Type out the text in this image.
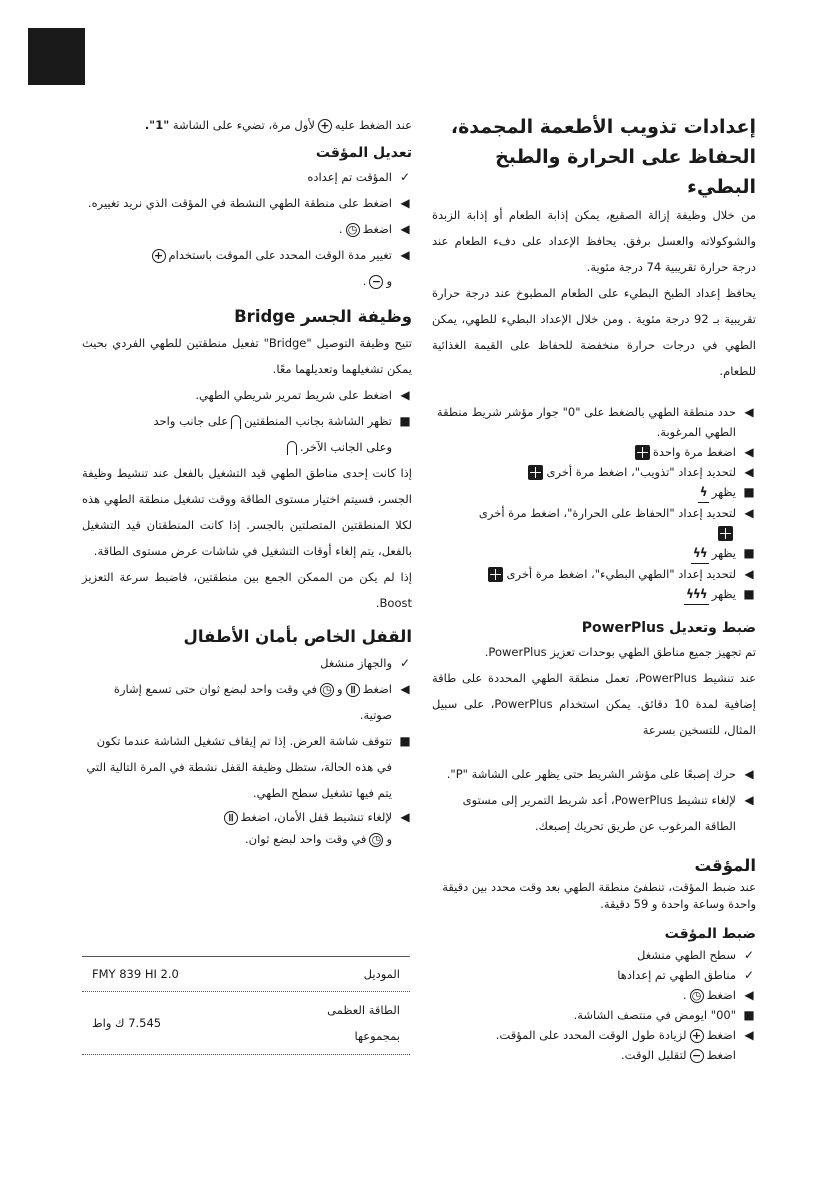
إعدادات تذويب الأطعمة المجمدة،
الحفاظ على الحرارة والطبخ البطيء

من خلال وظيفة إزالة الصقيع، يمكن إذابة الطعام أو إذابة الزبدة والشوكولاته والعسل برفق. يحافظ الإعداد على دفء الطعام عند درجة حرارة تقريبية 74 درجة مئوية.

يحافظ إعداد الطبخ البطيء على الطعام المطبوخ عند درجة حرارة تقريبية بـ 92 درجة مئوية . ومن خلال الإعداد البطيء للطهي، يمكن الطهي في درجات حرارة منخفضة للحفاظ على القيمة الغذائية للطعام.

◀
حدد منطقة الطهي بالضغط على "0" جوار مؤشر شريط منطقة الطهي المرغوبة.
◀
اضغط مرة واحدة
◀
لتحديد إعداد "تذويب"، اضغط مرة أخرى
■
يظهرϟ
◀
لتحديد إعداد "الحفاظ على الحرارة"، اضغط مرة أخرى

■
يظهرϟϟ
◀
لتحديد إعداد "الطهي البطيء"، اضغط مرة أخرى
■
يظهرϟϟϟ
ضبط وتعديل PowerPlus

تم تجهيز جميع مناطق الطهي بوحدات تعزيز PowerPlus.

عند تنشيط PowerPlus، تعمل منطقة الطهي المحددة على طاقة إضافية لمدة 10 دقائق. يمكن استخدام PowerPlus، على سبيل المثال، للتسخين بسرعة

◀
حرك إصبعًا على مؤشر الشريط حتى يظهر على الشاشة "P".
◀
لإلغاء تنشيط PowerPlus، أعد شريط التمرير إلى مستوى الطاقة المرغوب عن طريق تحريك إصبعك.
المؤقت

عند ضبط المؤقت، تنطفئ منطقة الطهي بعد وقت محدد بين دقيقة واحدة وساعة واحدة و 59 دقيقة.

ضبط المؤقت
✓
سطح الطهي منشغل
✓
مناطق الطهي تم إعدادها
◀
اضغط◷.
■
"00" ايومض في منتصف الشاشة.
◀
اضغط+لزيادة طول الوقت المحدد على المؤقت.
اضغط−لتقليل الوقت.

عند الضغط عليه+لأول مرة، تضيء على الشاشة "1".

تعديل المؤقت
✓
المؤقت تم إعداده
◀
اضغط على منطقة الطهي النشطة في المؤقت الذي نريد تغييره.
◀
اضغط◷.
◀
تغيير مدة الوقت المحدد على الموقت باستخدام+
و−.
وظيفة الجسر Bridge

تتيح وظيفة التوصيل "Bridge" تفعيل منطقتين للطهي الفردي بحيث يمكن تشغيلهما وتعديلهما معًا.

◀
اضغط على شريط تمرير شريطي الطهي.
■
تظهر الشاشة بجانب المنطقتينعلى جانب واحد
وعلى الجانب الآخر.

إذا كانت إحدى مناطق الطهي قيد التشغيل بالفعل عند تنشيط وظيفة الجسر، فسيتم اختيار مستوى الطاقة ووقت تشغيل منطقة الطهي هذه لكلا المنطقتين المتصلتين بالجسر. إذا كانت المنطقتان قيد التشغيل بالفعل، يتم إلغاء أوقات التشغيل في شاشات عرض مستوى الطاقة.

إذا لم يكن من الممكن الجمع بين منطقتين، فاضبط سرعة التعزيز Boost.

القفل الخاص بأمان الأطفال
✓
والجهاز منشغل
◀
اضغط॥و◷في وقت واحد لبضع ثوان حتى تسمع إشارة صوتية.
■
تتوقف شاشة العرض. إذا تم إيقاف تشغيل الشاشة عندما تكون في هذه الحالة، ستظل وظيفة القفل نشطة في المرة التالية التي يتم فيها تشغيل سطح الطهي.
◀
لإلغاء تنشيط قفل الأمان، اضغط॥
و◷في وقت واحد لبضع ثوان.
الموديل
FMY 839 HI 2.0
الطاقة العظمى بمجموعها
7.545 ك واط
